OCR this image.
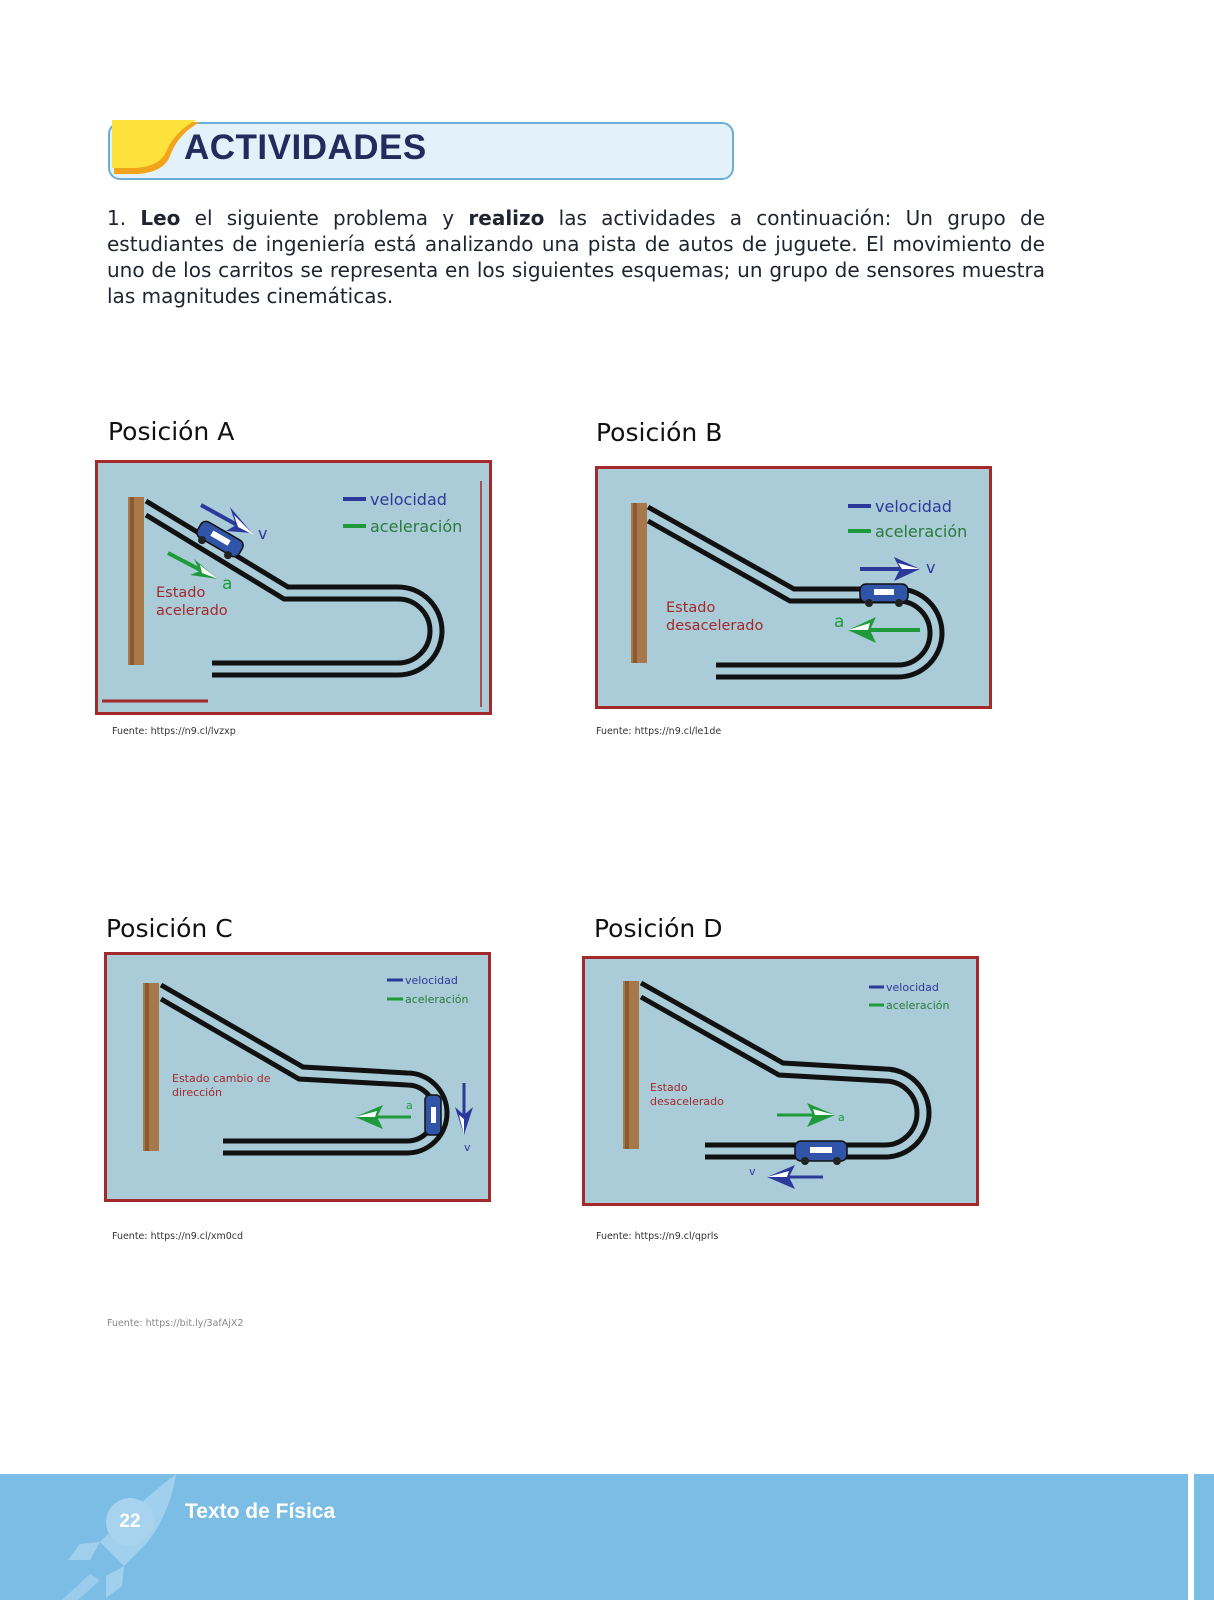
ACTIVIDADES
1. Leo el siguiente problema y realizo las actividades a continuación: Un grupo de estudiantes de ingeniería está analizando una pista de autos de juguete. El movimiento de uno de los carritos se representa en los siguientes esquemas; un grupo de sensores muestra las magnitudes cinemáticas.
Posición A
v
a
velocidad
aceleración
Estado
acelerado
Fuente: https://n9.cl/lvzxp
Posición B
v
a
velocidad
aceleración
Estado
desacelerado
Fuente: https://n9.cl/le1de
Posición C
v
a
velocidad
aceleración
Estado cambio de
dirección
Fuente: https://n9.cl/xm0cd
Posición D
a
v
velocidad
aceleración
Estado
desacelerado
Fuente: https://n9.cl/qprls
Fuente: https://bit.ly/3afAjX2
22	Texto de Física
